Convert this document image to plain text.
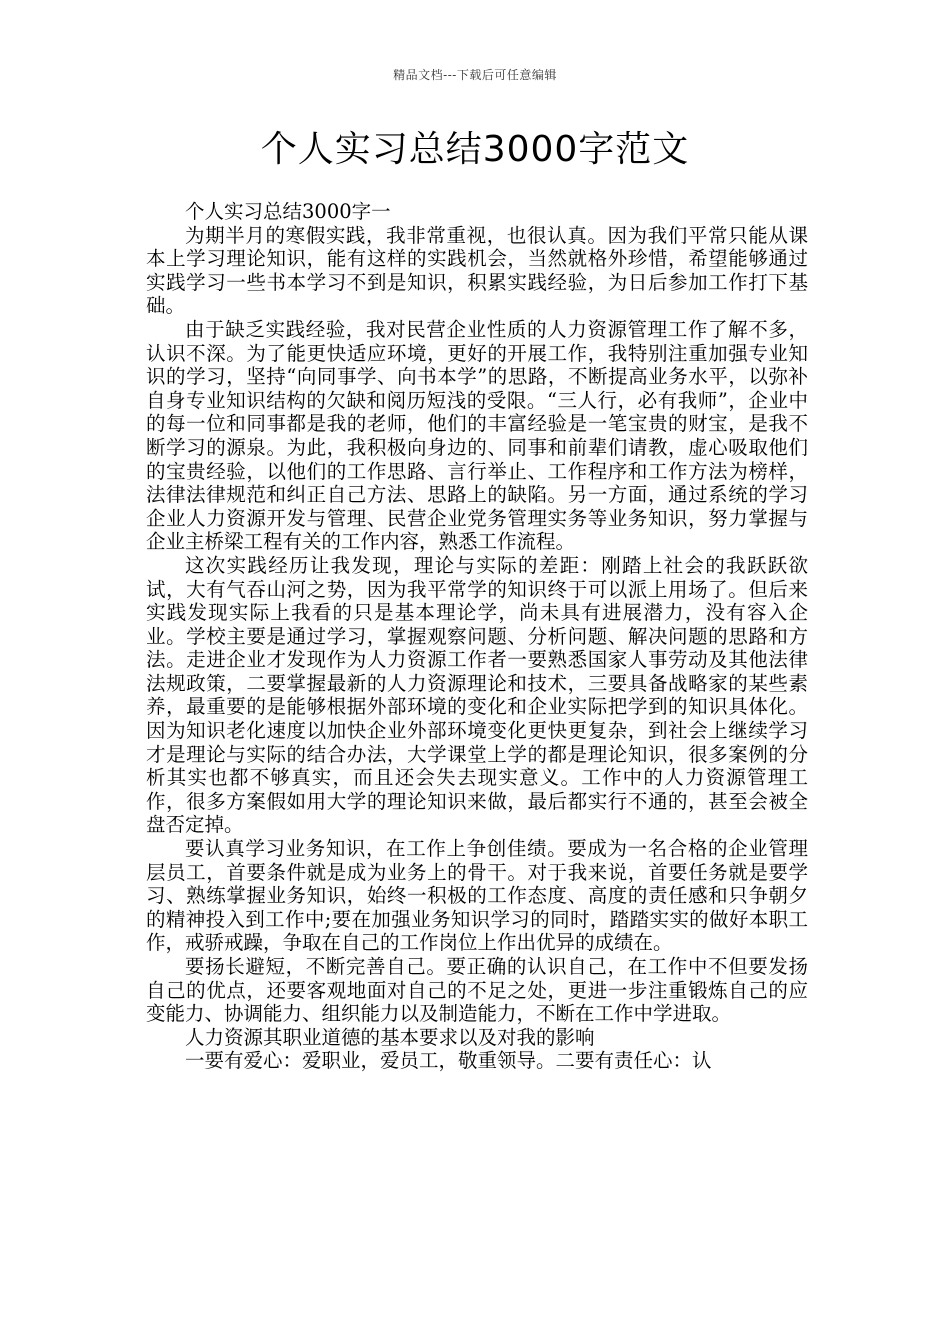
精品文档---下载后可任意编辑
个人实习总结3000字范文

个人实习总结3000字一

为期半月的寒假实践，我非常重视，也很认真。因为我们平常只能从课本上学习理论知识，能有这样的实践机会，当然就格外珍惜，希望能够通过实践学习一些书本学习不到是知识，积累实践经验，为日后参加工作打下基础。

由于缺乏实践经验，我对民营企业性质的人力资源管理工作了解不多，认识不深。为了能更快适应环境，更好的开展工作，我特别注重加强专业知识的学习，坚持“向同事学、向书本学”的思路，不断提高业务水平，以弥补自身专业知识结构的欠缺和阅历短浅的受限。“三人行，必有我师”，企业中的每一位和同事都是我的老师，他们的丰富经验是一笔宝贵的财宝，是我不断学习的源泉。为此，我积极向身边的、同事和前辈们请教，虚心吸取他们的宝贵经验，以他们的工作思路、言行举止、工作程序和工作方法为榜样，法律法律规范和纠正自己方法、思路上的缺陷。另一方面，通过系统的学习企业人力资源开发与管理、民营企业党务管理实务等业务知识，努力掌握与企业主桥梁工程有关的工作内容，熟悉工作流程。

这次实践经历让我发现，理论与实际的差距：刚踏上社会的我跃跃欲试，大有气吞山河之势，因为我平常学的知识终于可以派上用场了。但后来实践发现实际上我看的只是基本理论学，尚未具有进展潜力，没有容入企业。学校主要是通过学习，掌握观察问题、分析问题、解决问题的思路和方法。走进企业才发现作为人力资源工作者一要熟悉国家人事劳动及其他法律法规政策，二要掌握最新的人力资源理论和技术，三要具备战略家的某些素养，最重要的是能够根据外部环境的变化和企业实际把学到的知识具体化。因为知识老化速度以加快企业外部环境变化更快更复杂，到社会上继续学习才是理论与实际的结合办法，大学课堂上学的都是理论知识，很多案例的分析其实也都不够真实，而且还会失去现实意义。工作中的人力资源管理工作，很多方案假如用大学的理论知识来做，最后都实行不通的，甚至会被全盘否定掉。

要认真学习业务知识，在工作上争创佳绩。要成为一名合格的企业管理层员工，首要条件就是成为业务上的骨干。对于我来说，首要任务就是要学习、熟练掌握业务知识，始终一积极的工作态度、高度的责任感和只争朝夕的精神投入到工作中;要在加强业务知识学习的同时，踏踏实实的做好本职工作，戒骄戒躁，争取在自己的工作岗位上作出优异的成绩在。

要扬长避短，不断完善自己。要正确的认识自己，在工作中不但要发扬自己的优点，还要客观地面对自己的不足之处，更进一步注重锻炼自己的应变能力、协调能力、组织能力以及制造能力，不断在工作中学进取。

人力资源其职业道德的基本要求以及对我的影响

一要有爱心：爱职业，爱员工，敬重领导。二要有责任心：认
